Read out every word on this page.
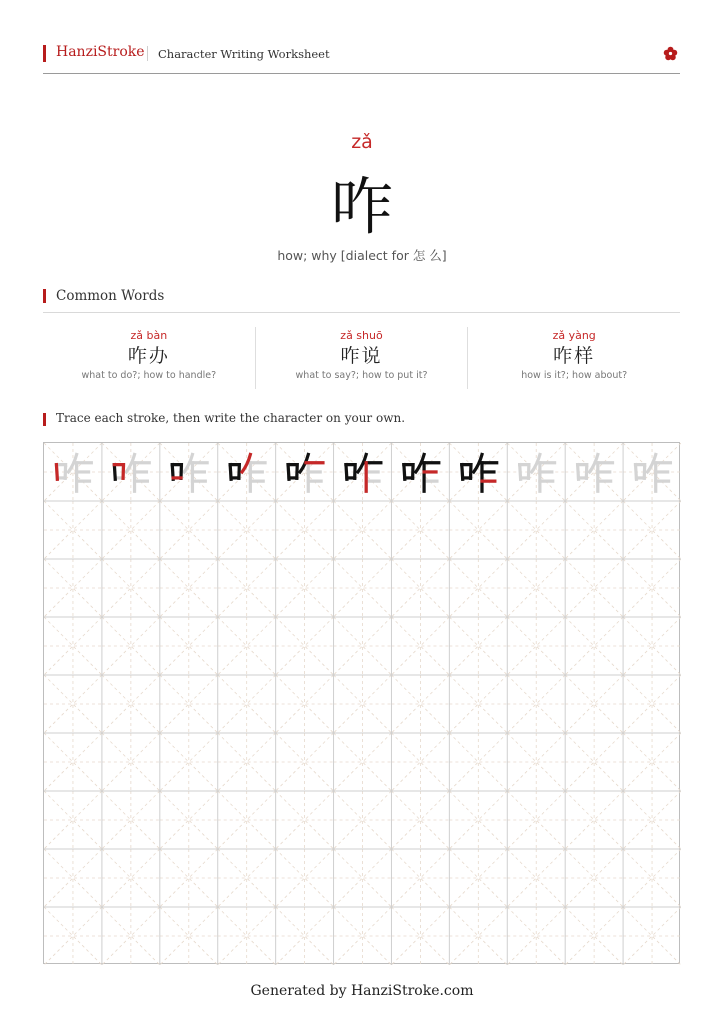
HanziStroke Character Writing Worksheet
zǎ
咋
how; why [dialect for 怎 么]
Common Words
zǎ bàn
咋办
what to do?; how to handle?
zǎ shuō
咋说
what to say?; how to put it?
zǎ yàng
咋样
how is it?; how about?
Trace each stroke, then write the character on your own.
Generated by HanziStroke.com
